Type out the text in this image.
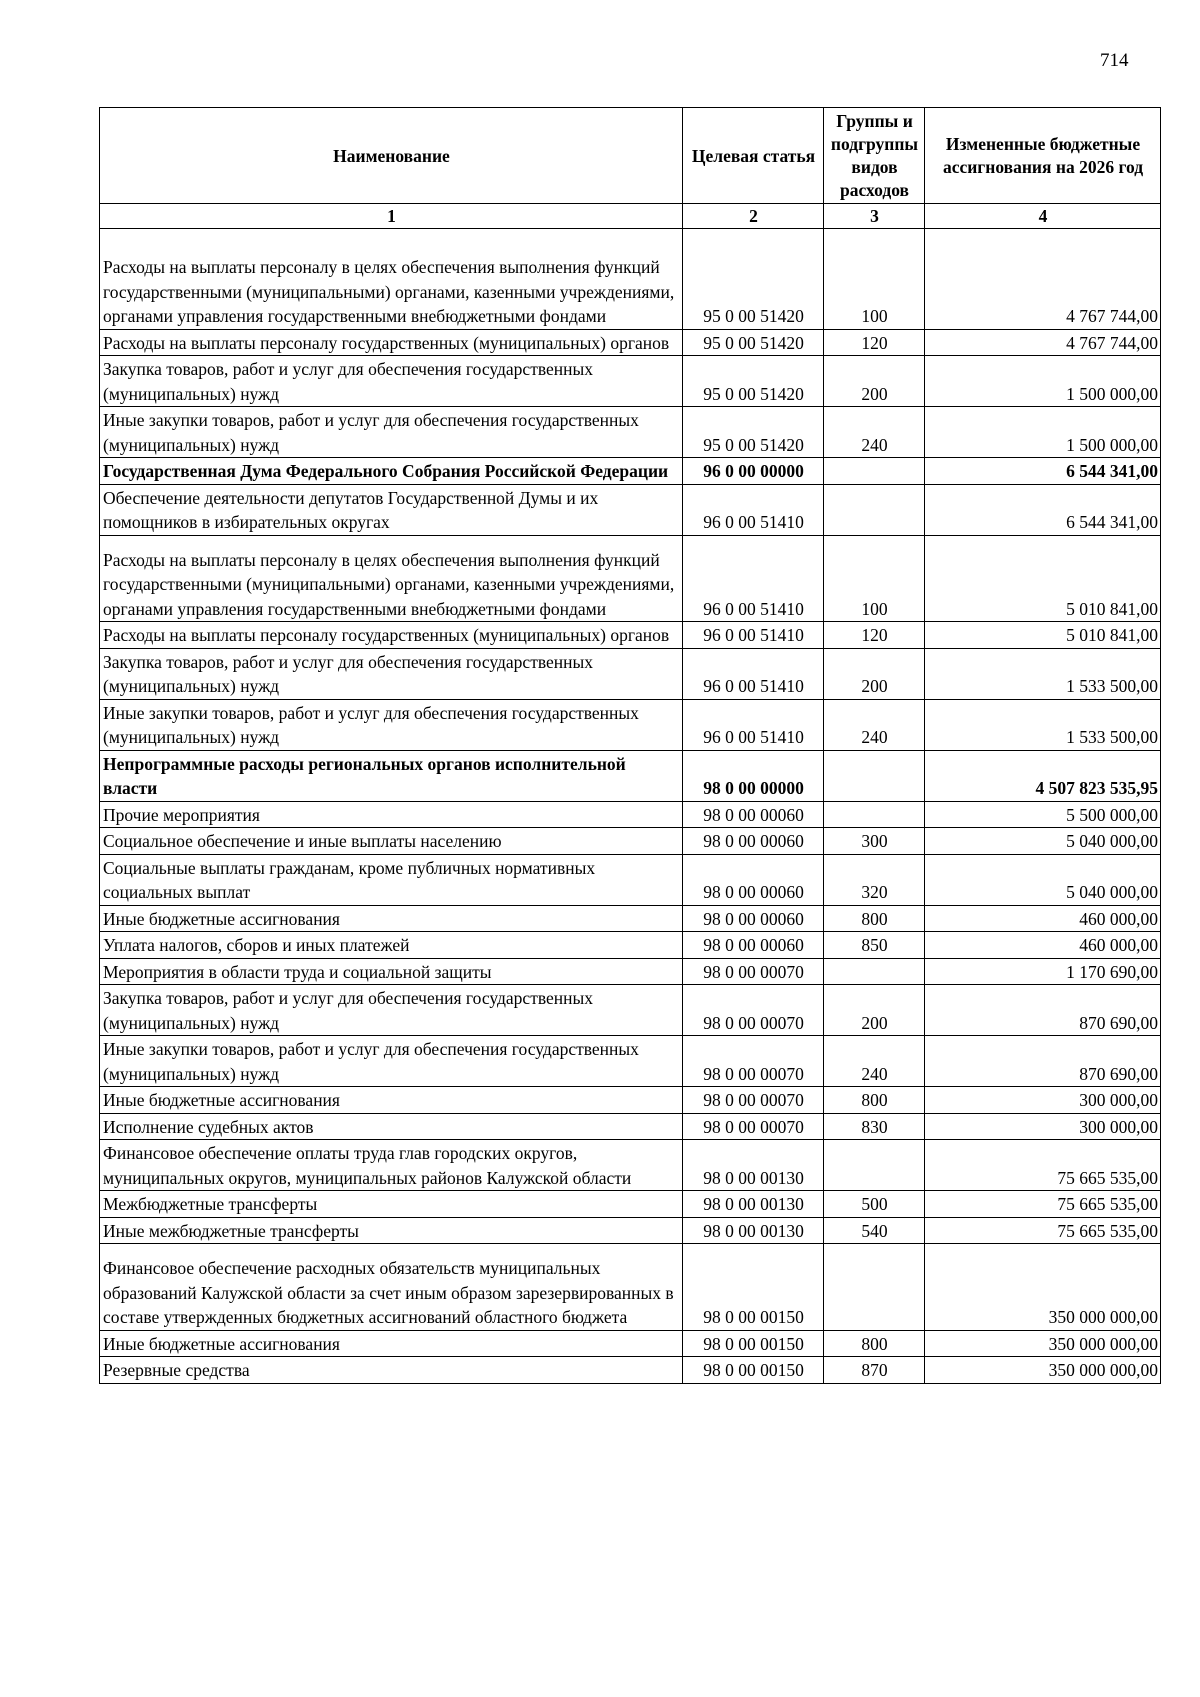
714
Наименование	Целевая статья	Группы и подгруппы видов расходов	Измененные бюджетные ассигнования на 2026 год
1	2	3	4
Расходы на выплаты персоналу в целях обеспечения выполнения функций государственными (муниципальными) органами, казенными учреждениями, органами управления государственными внебюджетными фондами	95 0 00 51420	100	4 767 744,00
Расходы на выплаты персоналу государственных (муниципальных) органов	95 0 00 51420	120	4 767 744,00
Закупка товаров, работ и услуг для обеспечения государственных (муниципальных) нужд	95 0 00 51420	200	1 500 000,00
Иные закупки товаров, работ и услуг для обеспечения государственных (муниципальных) нужд	95 0 00 51420	240	1 500 000,00
Государственная Дума Федерального Собрания Российской Федерации	96 0 00 00000		6 544 341,00
Обеспечение деятельности депутатов Государственной Думы и их помощников в избирательных округах	96 0 00 51410		6 544 341,00
Расходы на выплаты персоналу в целях обеспечения выполнения функций государственными (муниципальными) органами, казенными учреждениями, органами управления государственными внебюджетными фондами	96 0 00 51410	100	5 010 841,00
Расходы на выплаты персоналу государственных (муниципальных) органов	96 0 00 51410	120	5 010 841,00
Закупка товаров, работ и услуг для обеспечения государственных (муниципальных) нужд	96 0 00 51410	200	1 533 500,00
Иные закупки товаров, работ и услуг для обеспечения государственных (муниципальных) нужд	96 0 00 51410	240	1 533 500,00
Непрограммные расходы региональных органов исполнительной власти	98 0 00 00000		4 507 823 535,95
Прочие мероприятия	98 0 00 00060		5 500 000,00
Социальное обеспечение и иные выплаты населению	98 0 00 00060	300	5 040 000,00
Социальные выплаты гражданам, кроме публичных нормативных социальных выплат	98 0 00 00060	320	5 040 000,00
Иные бюджетные ассигнования	98 0 00 00060	800	460 000,00
Уплата налогов, сборов и иных платежей	98 0 00 00060	850	460 000,00
Мероприятия в области труда и социальной защиты	98 0 00 00070		1 170 690,00
Закупка товаров, работ и услуг для обеспечения государственных (муниципальных) нужд	98 0 00 00070	200	870 690,00
Иные закупки товаров, работ и услуг для обеспечения государственных (муниципальных) нужд	98 0 00 00070	240	870 690,00
Иные бюджетные ассигнования	98 0 00 00070	800	300 000,00
Исполнение судебных актов	98 0 00 00070	830	300 000,00
Финансовое обеспечение оплаты труда глав городских округов, муниципальных округов, муниципальных районов Калужской области	98 0 00 00130		75 665 535,00
Межбюджетные трансферты	98 0 00 00130	500	75 665 535,00
Иные межбюджетные трансферты	98 0 00 00130	540	75 665 535,00
Финансовое обеспечение расходных обязательств муниципальных образований Калужской области за счет иным образом зарезервированных в составе утвержденных бюджетных ассигнований областного бюджета	98 0 00 00150		350 000 000,00
Иные бюджетные ассигнования	98 0 00 00150	800	350 000 000,00
Резервные средства	98 0 00 00150	870	350 000 000,00
